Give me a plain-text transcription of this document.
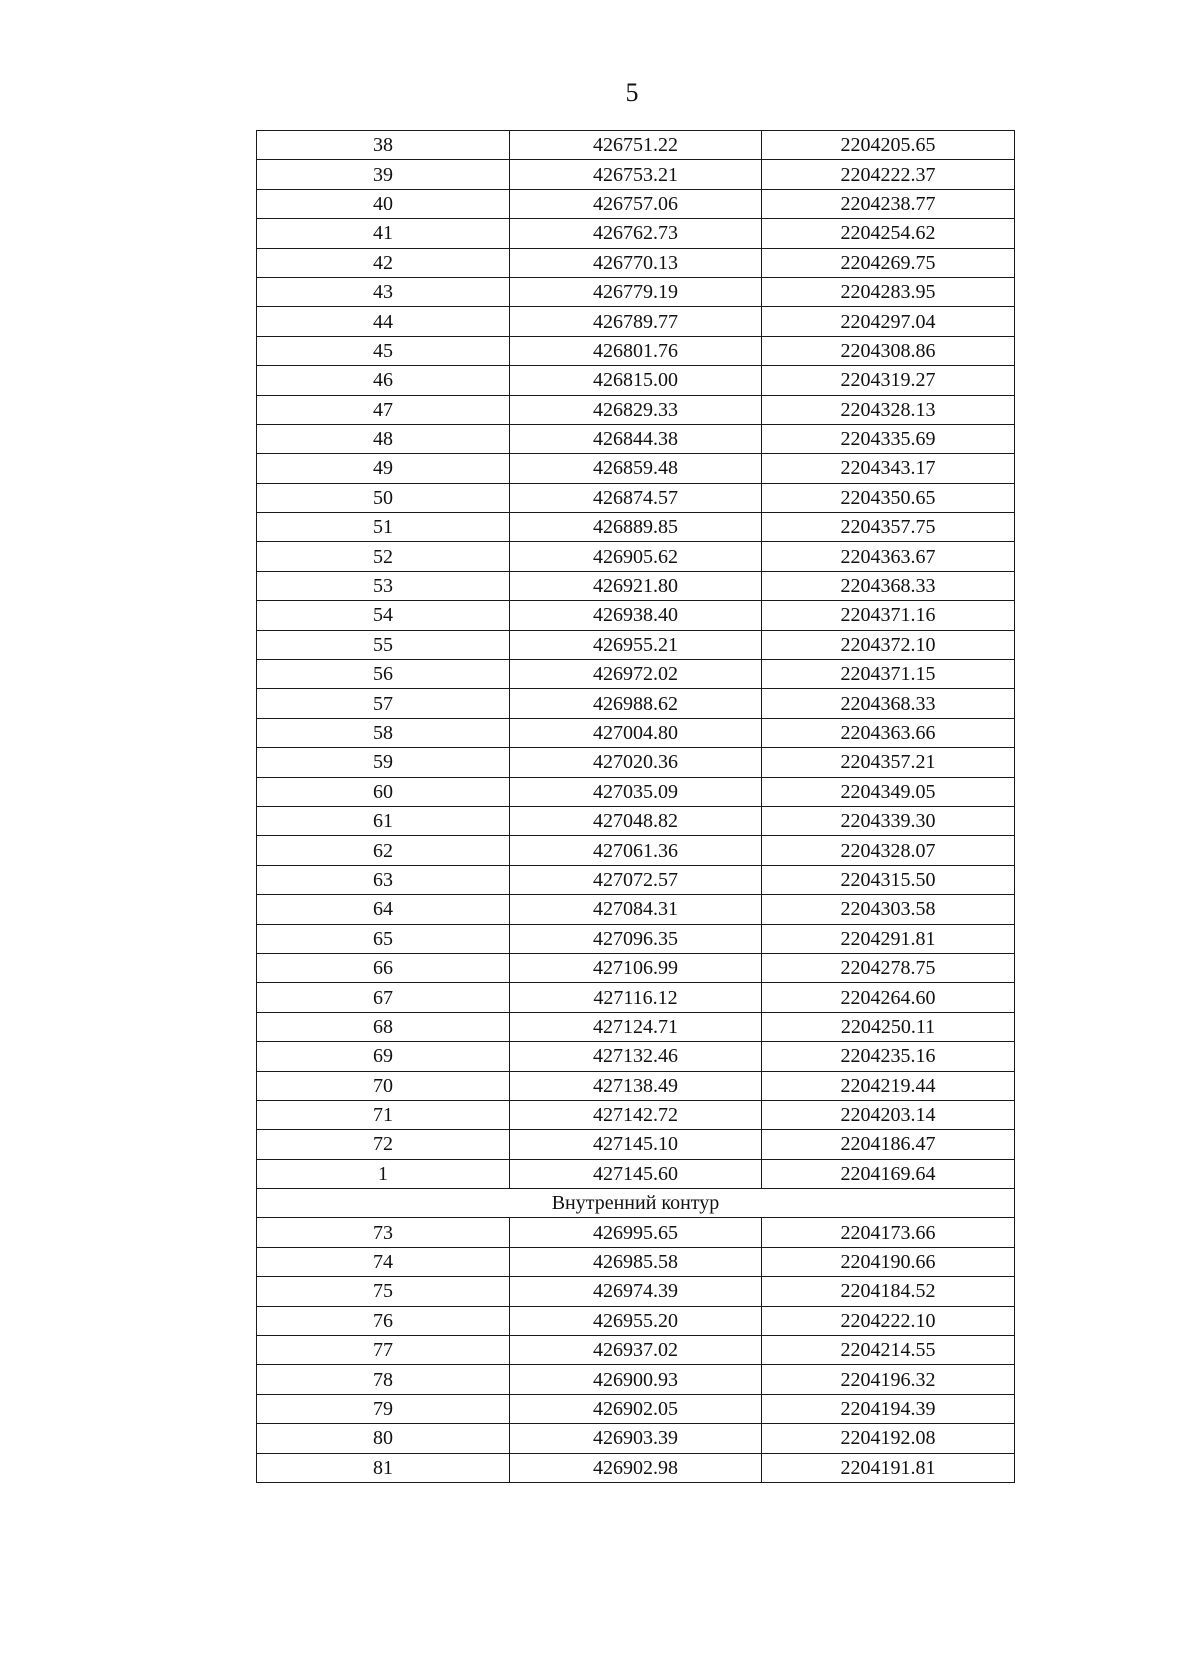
5
38	426751.22	2204205.65
39	426753.21	2204222.37
40	426757.06	2204238.77
41	426762.73	2204254.62
42	426770.13	2204269.75
43	426779.19	2204283.95
44	426789.77	2204297.04
45	426801.76	2204308.86
46	426815.00	2204319.27
47	426829.33	2204328.13
48	426844.38	2204335.69
49	426859.48	2204343.17
50	426874.57	2204350.65
51	426889.85	2204357.75
52	426905.62	2204363.67
53	426921.80	2204368.33
54	426938.40	2204371.16
55	426955.21	2204372.10
56	426972.02	2204371.15
57	426988.62	2204368.33
58	427004.80	2204363.66
59	427020.36	2204357.21
60	427035.09	2204349.05
61	427048.82	2204339.30
62	427061.36	2204328.07
63	427072.57	2204315.50
64	427084.31	2204303.58
65	427096.35	2204291.81
66	427106.99	2204278.75
67	427116.12	2204264.60
68	427124.71	2204250.11
69	427132.46	2204235.16
70	427138.49	2204219.44
71	427142.72	2204203.14
72	427145.10	2204186.47
1	427145.60	2204169.64
Внутренний контур		
73	426995.65	2204173.66
74	426985.58	2204190.66
75	426974.39	2204184.52
76	426955.20	2204222.10
77	426937.02	2204214.55
78	426900.93	2204196.32
79	426902.05	2204194.39
80	426903.39	2204192.08
81	426902.98	2204191.81
